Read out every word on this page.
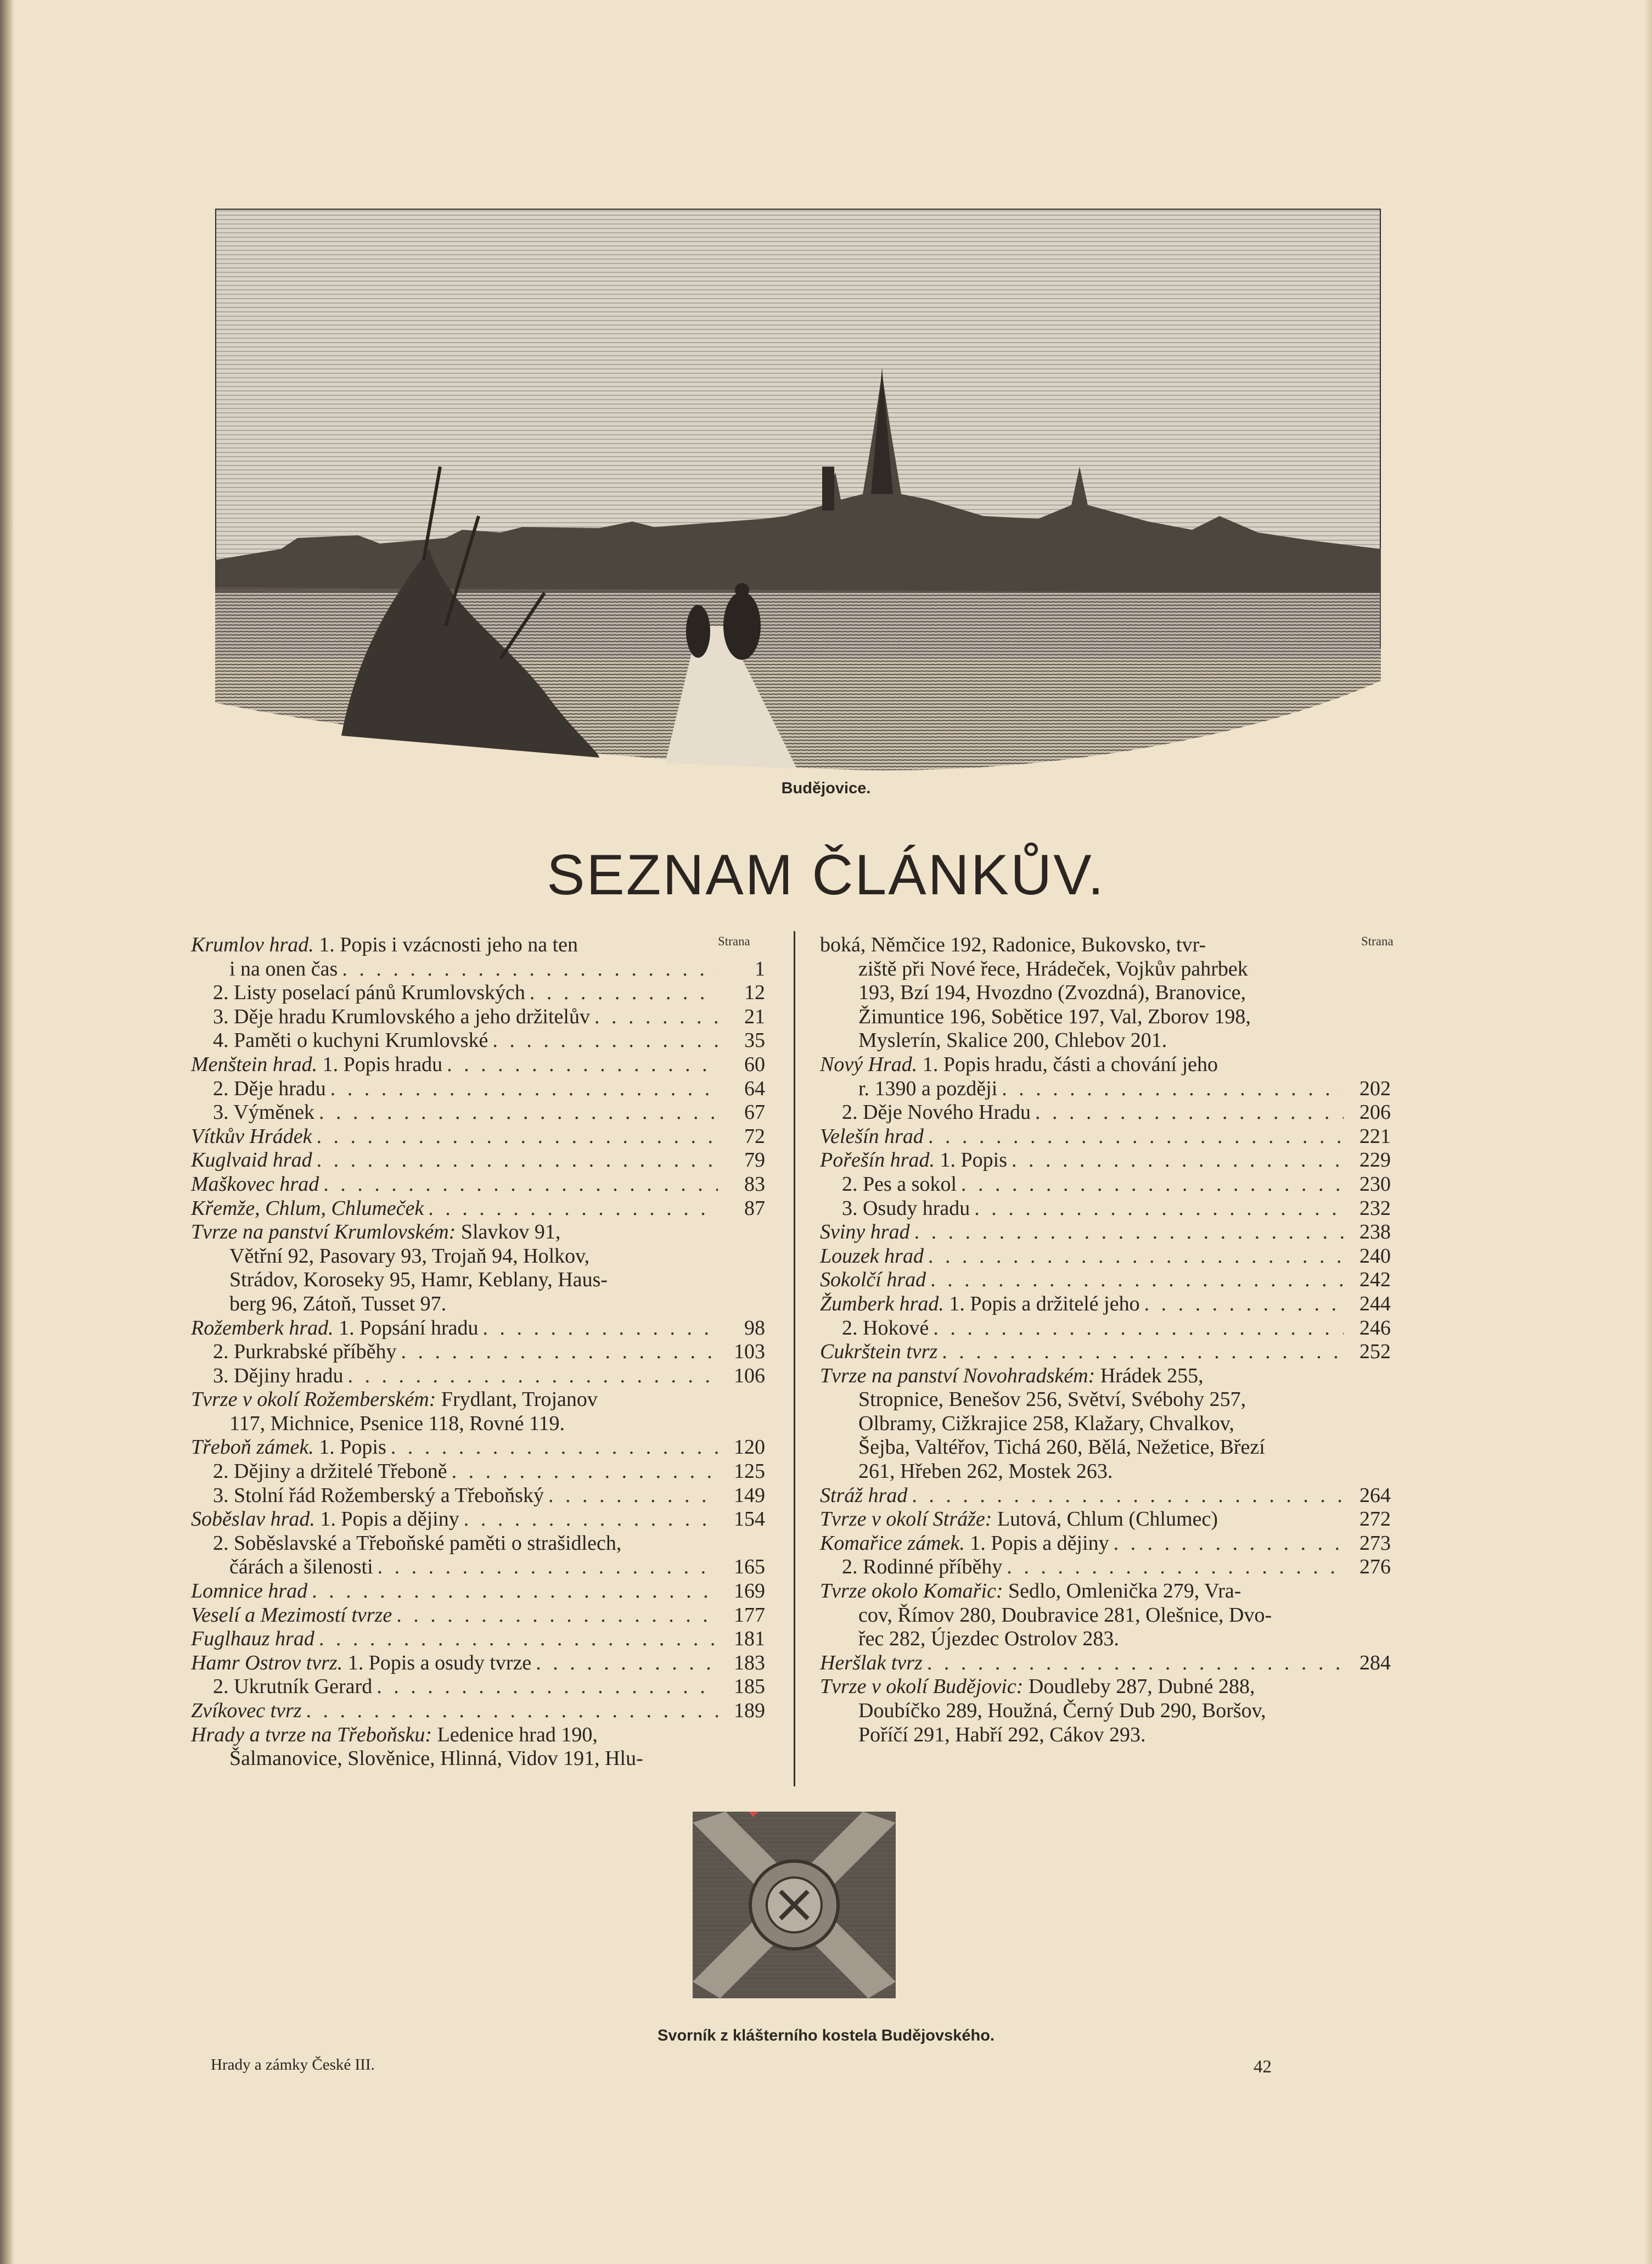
Budějovice.
SEZNAM ČLÁNKŮV.
Strana	Strana
Krumlov hrad. 1. Popis i vzácnosti jeho na ten
i na onen čas . . .	1
2. Listy poselací pánů Krumlovských . . .	12
3. Děje hradu Krumlovského a jeho držitelův . . .	21
4. Paměti o kuchyni Krumlovské . . .	35
Menštein hrad. 1. Popis hradu . . .	60
2. Děje hradu . . .	64
3. Výměnek . . .	67
Vítkův Hrádek . . .	72
Kuglvaid hrad . . .	79
Maškovec hrad . . .	83
Křemže, Chlum, Chlumeček . . .	87
Tvrze na panství Krumlovském: Slavkov 91,
Větřní 92, Pasovary 93, Trojaň 94, Holkov,
Strádov, Koroseky 95, Hamr, Keblany, Haus-
berg 96, Zátoň, Tusset 97.
Rožemberk hrad. 1. Popsání hradu . . .	98
2. Purkrabské příběhy . . .	103
3. Dějiny hradu . . .	106
Tvrze v okolí Rožemberském: Frydlant, Trojanov
117, Michnice, Psenice 118, Rovné 119.
Třeboň zámek. 1. Popis . . .	120
2. Dějiny a držitelé Třeboně . . .	125
3. Stolní řád Rožemberský a Třeboňský . . .	149
Soběslav hrad. 1. Popis a dějiny . . .	154
2. Soběslavské a Třeboňské paměti o strašidlech,
čárách a šilenosti . . .	165
Lomnice hrad . . .	169
Veselí a Mezimostí tvrze . . .	177
Fuglhauz hrad . . .	181
Hamr Ostrov tvrz. 1. Popis a osudy tvrze . . .	183
2. Ukrutník Gerard . . .	185
Zvíkovec tvrz . . .	189
Hrady a tvrze na Třeboňsku: Ledenice hrad 190,
Šalmanovice, Slověnice, Hlinná, Vidov 191, Hlu-
boká, Němčice 192, Radonice, Bukovsko, tvr-
ziště při Nové řece, Hrádeček, Vojkův pahrbek
193, Bzí 194, Hvozdno (Zvozdná), Branovice,
Žimuntice 196, Sobětice 197, Val, Zborov 198,
Myslетín, Skalice 200, Chlebov 201.
Nový Hrad. 1. Popis hradu, části a chování jeho
r. 1390 a později . . .	202
2. Děje Nového Hradu . . .	206
Velešín hrad . . .	221
Pořešín hrad. 1. Popis . . .	229
2. Pes a sokol . . .	230
3. Osudy hradu . . .	232
Sviny hrad . . .	238
Louzek hrad . . .	240
Sokolčí hrad . . .	242
Žumberk hrad. 1. Popis a držitelé jeho . . .	244
2. Hokové . . .	246
Cukrštein tvrz . . .	252
Tvrze na panství Novohradském: Hrádek 255,
Stropnice, Benešov 256, Světví, Svébohy 257,
Olbramy, Cižkrajice 258, Klažary, Chvalkov,
Šejba, Valtéřov, Tichá 260, Bělá, Nežetice, Březí
261, Hřeben 262, Mostek 263.
Stráž hrad . . .	264
Tvrze v okolí Stráže: Lutová, Chlum (Chlumec)	272
Komařice zámek. 1. Popis a dějiny . . .	273
2. Rodinné příběhy . . .	276
Tvrze okolo Komařic: Sedlo, Omlenička 279, Vra-
cov, Římov 280, Doubravice 281, Olešnice, Dvo-
řec 282, Újezdec Ostrolov 283.
Heršlak tvrz . . .	284
Tvrze v okolí Budějovic: Doudleby 287, Dubné 288,
Doubíčko 289, Houžná, Černý Dub 290, Boršov,
Poříčí 291, Habří 292, Cákov 293.
Svorník z klášterního kostela Budějovského.
Hrady a zámky České III.	42
